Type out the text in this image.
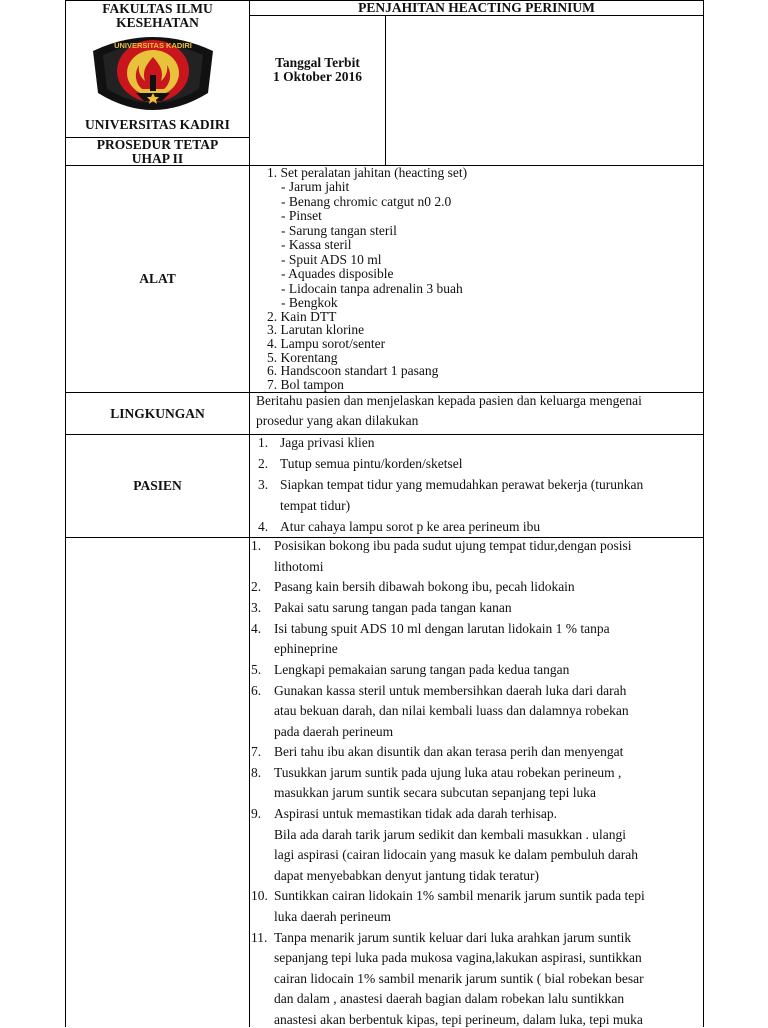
FAKULTAS ILMU
KESEHATAN
UNIVERSITAS KADIRI
UNIVERSITAS KADIRI
PENJAHITAN HEACTING PERINIUM
Tanggal Terbit
1 Oktober 2016
PROSEDUR TETAP
UHAP II
ALAT
1. Set peralatan jahitan (heacting set)
- Jarum jahit
- Benang chromic catgut n0 2.0
- Pinset
- Sarung tangan steril
- Kassa steril
- Spuit ADS 10 ml
- Aquades disposible
- Lidocain tanpa adrenalin 3 buah
- Bengkok
2. Kain DTT
3. Larutan klorine
4. Lampu sorot/senter
5. Korentang
6. Handscoon standart 1 pasang
7. Bol tampon
LINGKUNGAN
Beritahu pasien dan menjelaskan kepada pasien dan keluarga mengenai
prosedur yang akan dilakukan
PASIEN
1. Jaga privasi klien
2. Tutup semua pintu/korden/sketsel
3. Siapkan tempat tidur yang memudahkan perawat bekerja (turunkan
tempat tidur)
4. Atur cahaya lampu sorot p ke area perineum ibu
1. Posisikan bokong ibu pada sudut ujung tempat tidur,dengan posisi
lithotomi
2. Pasang kain bersih dibawah bokong ibu, pecah lidokain
3. Pakai satu sarung tangan pada tangan kanan
4. Isi tabung spuit ADS 10 ml dengan larutan lidokain 1 % tanpa
ephineprine
5. Lengkapi pemakaian sarung tangan pada kedua tangan
6. Gunakan kassa steril untuk membersihkan daerah luka dari darah
atau bekuan darah, dan nilai kembali luass dan dalamnya robekan
pada daerah perineum
7. Beri tahu ibu akan disuntik dan akan terasa perih dan menyengat
8. Tusukkan jarum suntik pada ujung luka atau robekan perineum ,
masukkan jarum suntik secara subcutan sepanjang tepi luka
9. Aspirasi untuk memastikan tidak ada darah terhisap.
Bila ada darah tarik jarum sedikit dan kembali masukkan . ulangi
lagi aspirasi (cairan lidocain yang masuk ke dalam pembuluh darah
dapat menyebabkan denyut jantung tidak teratur)
10. Suntikkan cairan lidokain 1% sambil menarik jarum suntik pada tepi
luka daerah perineum
11. Tanpa menarik jarum suntik keluar dari luka arahkan jarum suntik
sepanjang tepi luka pada mukosa vagina,lakukan aspirasi, suntikkan
cairan lidocain 1% sambil menarik jarum suntik ( bial robekan besar
dan dalam , anastesi daerah bagian dalam robekan lalu suntikkan
anastesi akan berbentuk kipas, tepi perineum, dalam luka, tepi muka
